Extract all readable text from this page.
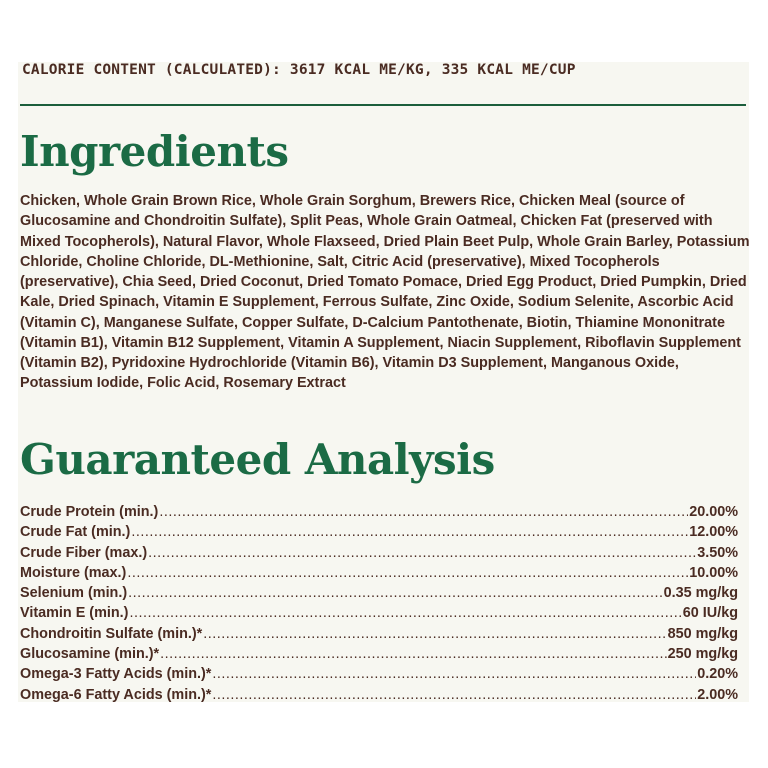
CALORIE CONTENT (CALCULATED): 3617 KCAL ME/KG, 335 KCAL ME/CUP
Ingredients

Chicken, Whole Grain Brown Rice, Whole Grain Sorghum, Brewers Rice, Chicken Meal (source of Glucosamine and Chondroitin Sulfate), Split Peas, Whole Grain Oatmeal, Chicken Fat (preserved with Mixed Tocopherols), Natural Flavor, Whole Flaxseed, Dried Plain Beet Pulp, Whole Grain Barley, Potassium Chloride, Choline Chloride, DL-Methionine, Salt, Citric Acid (preservative), Mixed Tocopherols (preservative), Chia Seed, Dried Coconut, Dried Tomato Pomace, Dried Egg Product, Dried Pumpkin, Dried Kale, Dried Spinach, Vitamin E Supplement, Ferrous Sulfate, Zinc Oxide, Sodium Selenite, Ascorbic Acid (Vitamin C), Manganese Sulfate, Copper Sulfate, D-Calcium Pantothenate, Biotin, Thiamine Mononitrate (Vitamin B1), Vitamin B12 Supplement, Vitamin A Supplement, Niacin Supplement, Riboflavin Supplement (Vitamin B2), Pyridoxine Hydrochloride (Vitamin B6), Vitamin D3 Supplement, Manganous Oxide, Potassium Iodide, Folic Acid, Rosemary Extract

Guaranteed Analysis
Crude Protein (min.) .....	20.00%
Crude Fat (min.) .....	12.00%
Crude Fiber (max.) .....	3.50%
Moisture (max.) .....	10.00%
Selenium (min.) .....	0.35 mg/kg
Vitamin E (min.) .....	60 IU/kg
Chondroitin Sulfate (min.)* .....	850 mg/kg
Glucosamine (min.)* .....	250 mg/kg
Omega-3 Fatty Acids (min.)* .....	0.20%
Omega-6 Fatty Acids (min.)* .....	2.00%
